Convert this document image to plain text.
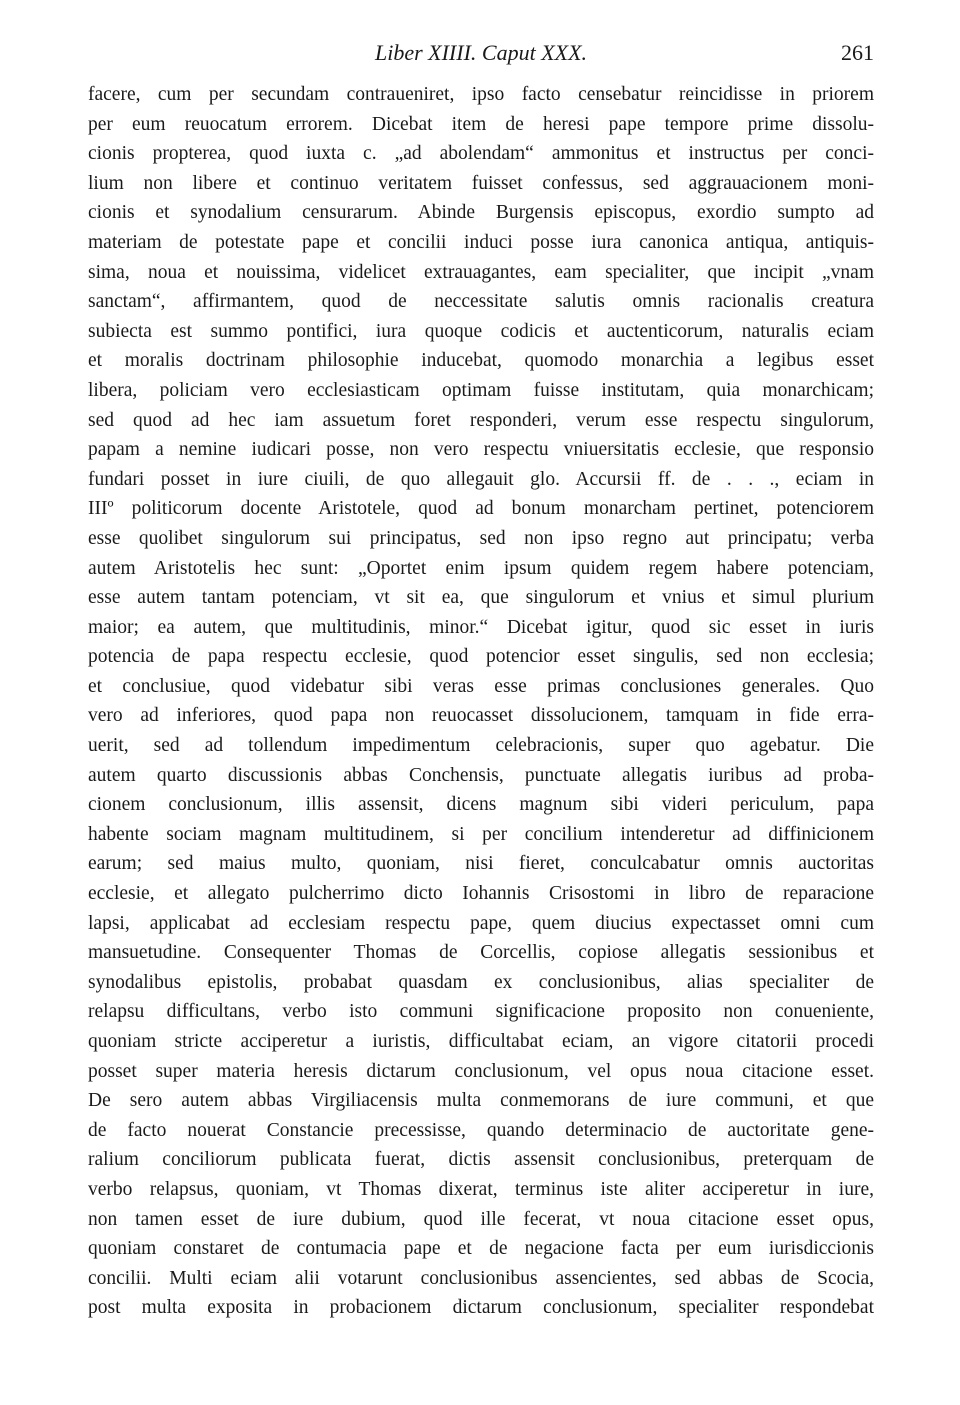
Liber XIIII. Caput XXX.	261
facere, cum per secundam contraueniret, ipso facto censebatur reincidisse in priorem
per eum reuocatum errorem. Dicebat item de heresi pape tempore prime dissolu-
cionis propterea, quod iuxta c. „ad abolendam“ ammonitus et instructus per conci-
lium non libere et continuo veritatem fuisset confessus, sed aggrauacionem moni-
cionis et synodalium censurarum. Abinde Burgensis episcopus, exordio sumpto ad
materiam de potestate pape et concilii induci posse iura canonica antiqua, antiquis-
sima, noua et nouissima, videlicet extrauagantes, eam specialiter, que incipit „vnam
sanctam“, affirmantem, quod de neccessitate salutis omnis racionalis creatura
subiecta est summo pontifici, iura quoque codicis et auctenticorum, naturalis eciam
et moralis doctrinam philosophie inducebat, quomodo monarchia a legibus esset
libera, policiam vero ecclesiasticam optimam fuisse institutam, quia monarchicam;
sed quod ad hec iam assuetum foret responderi, verum esse respectu singulorum,
papam a nemine iudicari posse, non vero respectu vniuersitatis ecclesie, que responsio
fundari posset in iure ciuili, de quo allegauit glo. Accursii ff. de . . ., eciam in
IIIº politicorum docente Aristotele, quod ad bonum monarcham pertinet, potenciorem
esse quolibet singulorum sui principatus, sed non ipso regno aut principatu; verba
autem Aristotelis hec sunt: „Oportet enim ipsum quidem regem habere potenciam,
esse autem tantam potenciam, vt sit ea, que singulorum et vnius et simul plurium
maior; ea autem, que multitudinis, minor.“ Dicebat igitur, quod sic esset in iuris
potencia de papa respectu ecclesie, quod potencior esset singulis, sed non ecclesia;
et conclusiue, quod videbatur sibi veras esse primas conclusiones generales. Quo
vero ad inferiores, quod papa non reuocasset dissolucionem, tamquam in fide erra-
uerit, sed ad tollendum impedimentum celebracionis, super quo agebatur. Die
autem quarto discussionis abbas Conchensis, punctuate allegatis iuribus ad proba-
cionem conclusionum, illis assensit, dicens magnum sibi videri periculum, papa
habente sociam magnam multitudinem, si per concilium intenderetur ad diffinicionem
earum; sed maius multo, quoniam, nisi fieret, conculcabatur omnis auctoritas
ecclesie, et allegato pulcherrimo dicto Iohannis Crisostomi in libro de reparacione
lapsi, applicabat ad ecclesiam respectu pape, quem diucius expectasset omni cum
mansuetudine. Consequenter Thomas de Corcellis, copiose allegatis sessionibus et
synodalibus epistolis, probabat quasdam ex conclusionibus, alias specialiter de
relapsu difficultans, verbo isto communi significacione proposito non conueniente,
quoniam stricte acciperetur a iuristis, difficultabat eciam, an vigore citatorii procedi
posset super materia heresis dictarum conclusionum, vel opus noua citacione esset.
De sero autem abbas Virgiliacensis multa conmemorans de iure communi, et que
de facto nouerat Constancie precessisse, quando determinacio de auctoritate gene-
ralium conciliorum publicata fuerat, dictis assensit conclusionibus, preterquam de
verbo relapsus, quoniam, vt Thomas dixerat, terminus iste aliter acciperetur in iure,
non tamen esset de iure dubium, quod ille fecerat, vt noua citacione esset opus,
quoniam constaret de contumacia pape et de negacione facta per eum iurisdiccionis
concilii. Multi eciam alii votarunt conclusionibus assencientes, sed abbas de Scocia,
post multa exposita in probacionem dictarum conclusionum, specialiter respondebat
